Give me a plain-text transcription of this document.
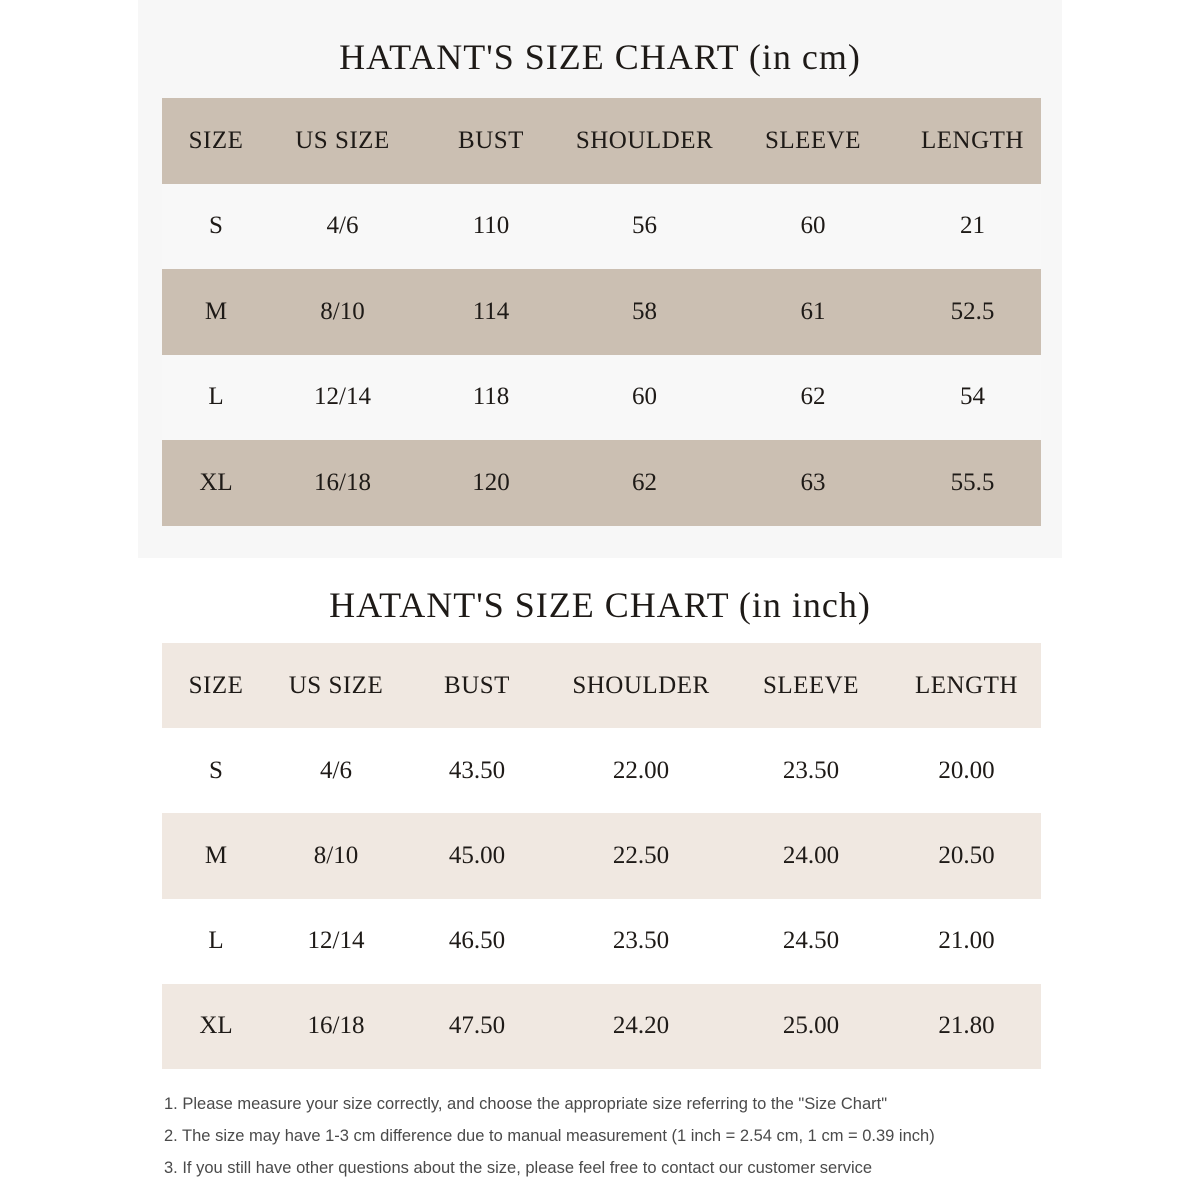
HATANT'S SIZE CHART (in cm)
SIZE	US SIZE	BUST	SHOULDER	SLEEVE	LENGTH
S	4/6	110	56	60	21
M	8/10	114	58	61	52.5
L	12/14	118	60	62	54
XL	16/18	120	62	63	55.5
HATANT'S SIZE CHART (in inch)
SIZE	US SIZE	BUST	SHOULDER	SLEEVE	LENGTH
S	4/6	43.50	22.00	23.50	20.00
M	8/10	45.00	22.50	24.00	20.50
L	12/14	46.50	23.50	24.50	21.00
XL	16/18	47.50	24.20	25.00	21.80
1. Please measure your size correctly, and choose the appropriate size referring to the "Size Chart"
2. The size may have 1-3 cm difference due to manual measurement (1 inch = 2.54 cm, 1 cm = 0.39 inch)
3. If you still have other questions about the size, please feel free to contact our customer service
